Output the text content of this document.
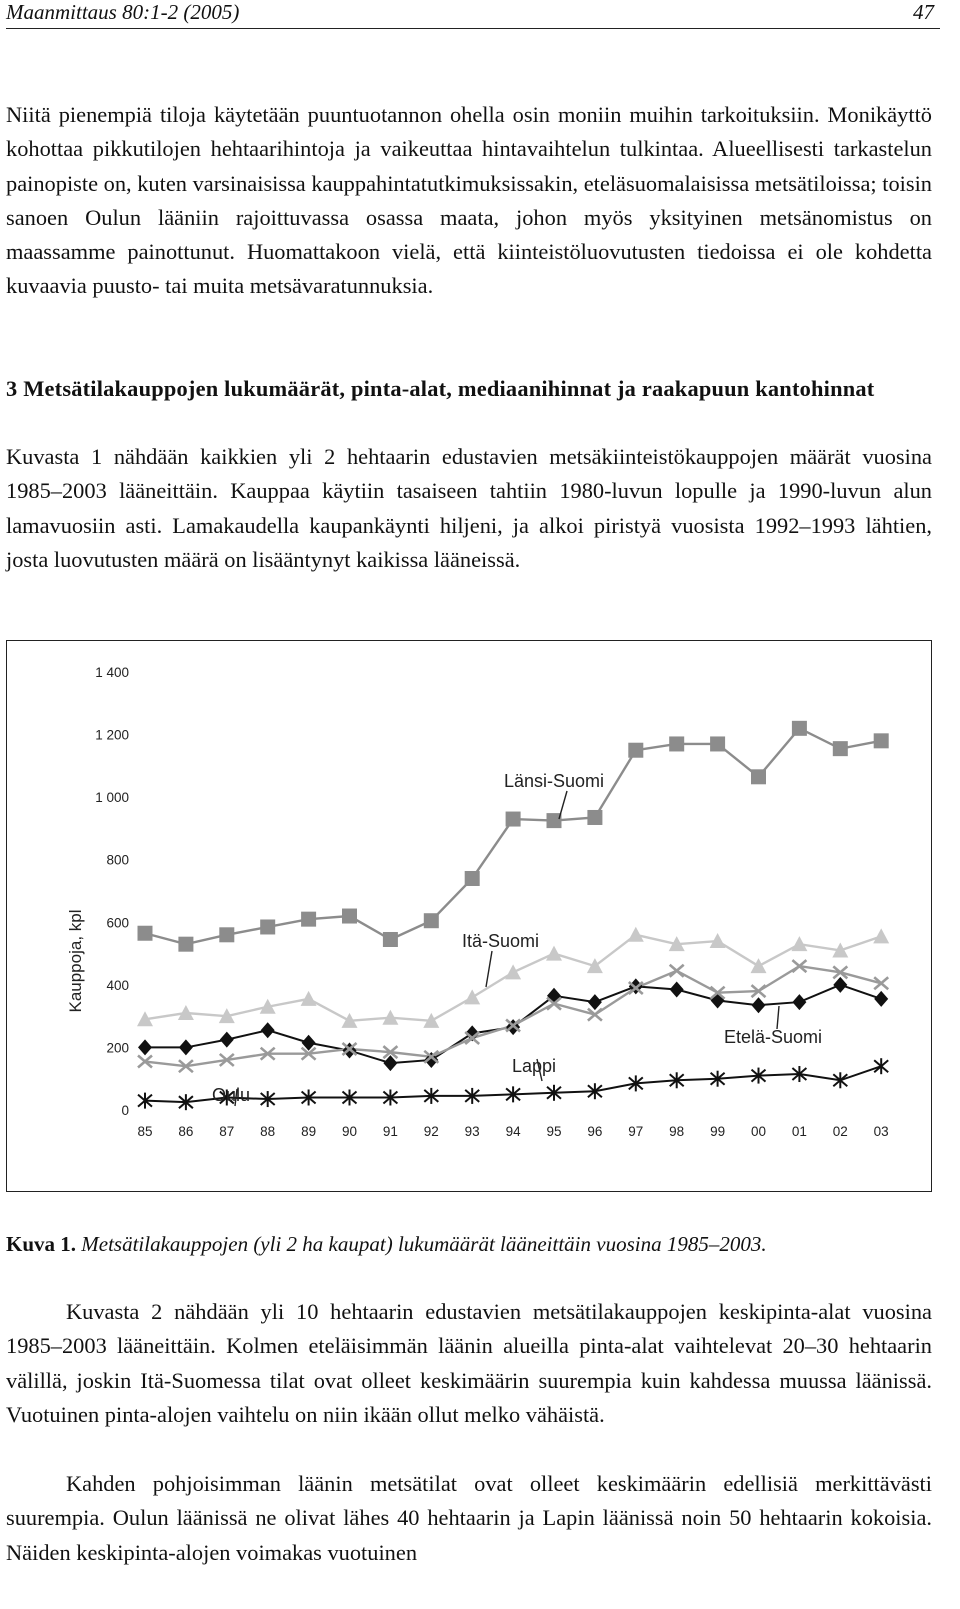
Maanmittaus 80:1-2 (2005)	47

Niitä pienempiä tiloja käytetään puuntuotannon ohella osin moniin muihin tarkoituksiin. Monikäyttö kohottaa pikkutilojen hehtaarihintoja ja vaikeuttaa hintavaihtelun tulkintaa. Alueellisesti tarkastelun painopiste on, kuten varsinaisissa kauppahintatutkimuksissakin, eteläsuomalaisissa metsätiloissa; toisin sanoen Oulun lääniin rajoittuvassa osassa maata, johon myös yksityinen metsänomistus on maassamme painottunut. Huomattakoon vielä, että kiinteistöluovutusten tiedoissa ei ole kohdetta kuvaavia puusto- tai muita metsävaratunnuksia.

3 Metsätilakauppojen lukumäärät, pinta-alat, mediaanihinnat ja raakapuun kantohinnat

Kuvasta 1 nähdään kaikkien yli 2 hehtaarin edustavien metsäkiinteistökauppojen määrät vuosina 1985–2003 lääneittäin. Kauppaa käytiin tasaiseen tahtiin 1980-luvun lopulle ja 1990-luvun alun lamavuosiin asti. Lamakaudella kaupankäynti hiljeni, ja alkoi piristyä vuosista 1992–1993 lähtien, josta luovutusten määrä on lisääntynyt kaikissa lääneissä.

0
200
400
600
800
1 000
1 200
1 400
Kauppoja, kpl
85 86 87 88 89 90 91 92 93 94 95 96 97 98 99 00 01 02 03
Länsi-Suomi
Itä-Suomi
Etelä-Suomi
Lappi
Oulu
Kuva 1. Metsätilakauppojen (yli 2 ha kaupat) lukumäärät lääneittäin vuosina 1985–2003.

Kuvasta 2 nähdään yli 10 hehtaarin edustavien metsätilakauppojen keskipinta-alat vuosina 1985–2003 lääneittäin. Kolmen eteläisimmän läänin alueilla pinta-alat vaihtelevat 20–30 hehtaarin välillä, joskin Itä-Suomessa tilat ovat olleet keskimäärin suurempia kuin kahdessa muussa läänissä. Vuotuinen pinta-alojen vaihtelu on niin ikään ollut melko vähäistä.

Kahden pohjoisimman läänin metsätilat ovat olleet keskimäärin edellisiä merkittävästi suurempia. Oulun läänissä ne olivat lähes 40 hehtaarin ja Lapin läänissä noin 50 hehtaarin kokoisia. Näiden keskipinta-alojen voimakas vuotuinen
